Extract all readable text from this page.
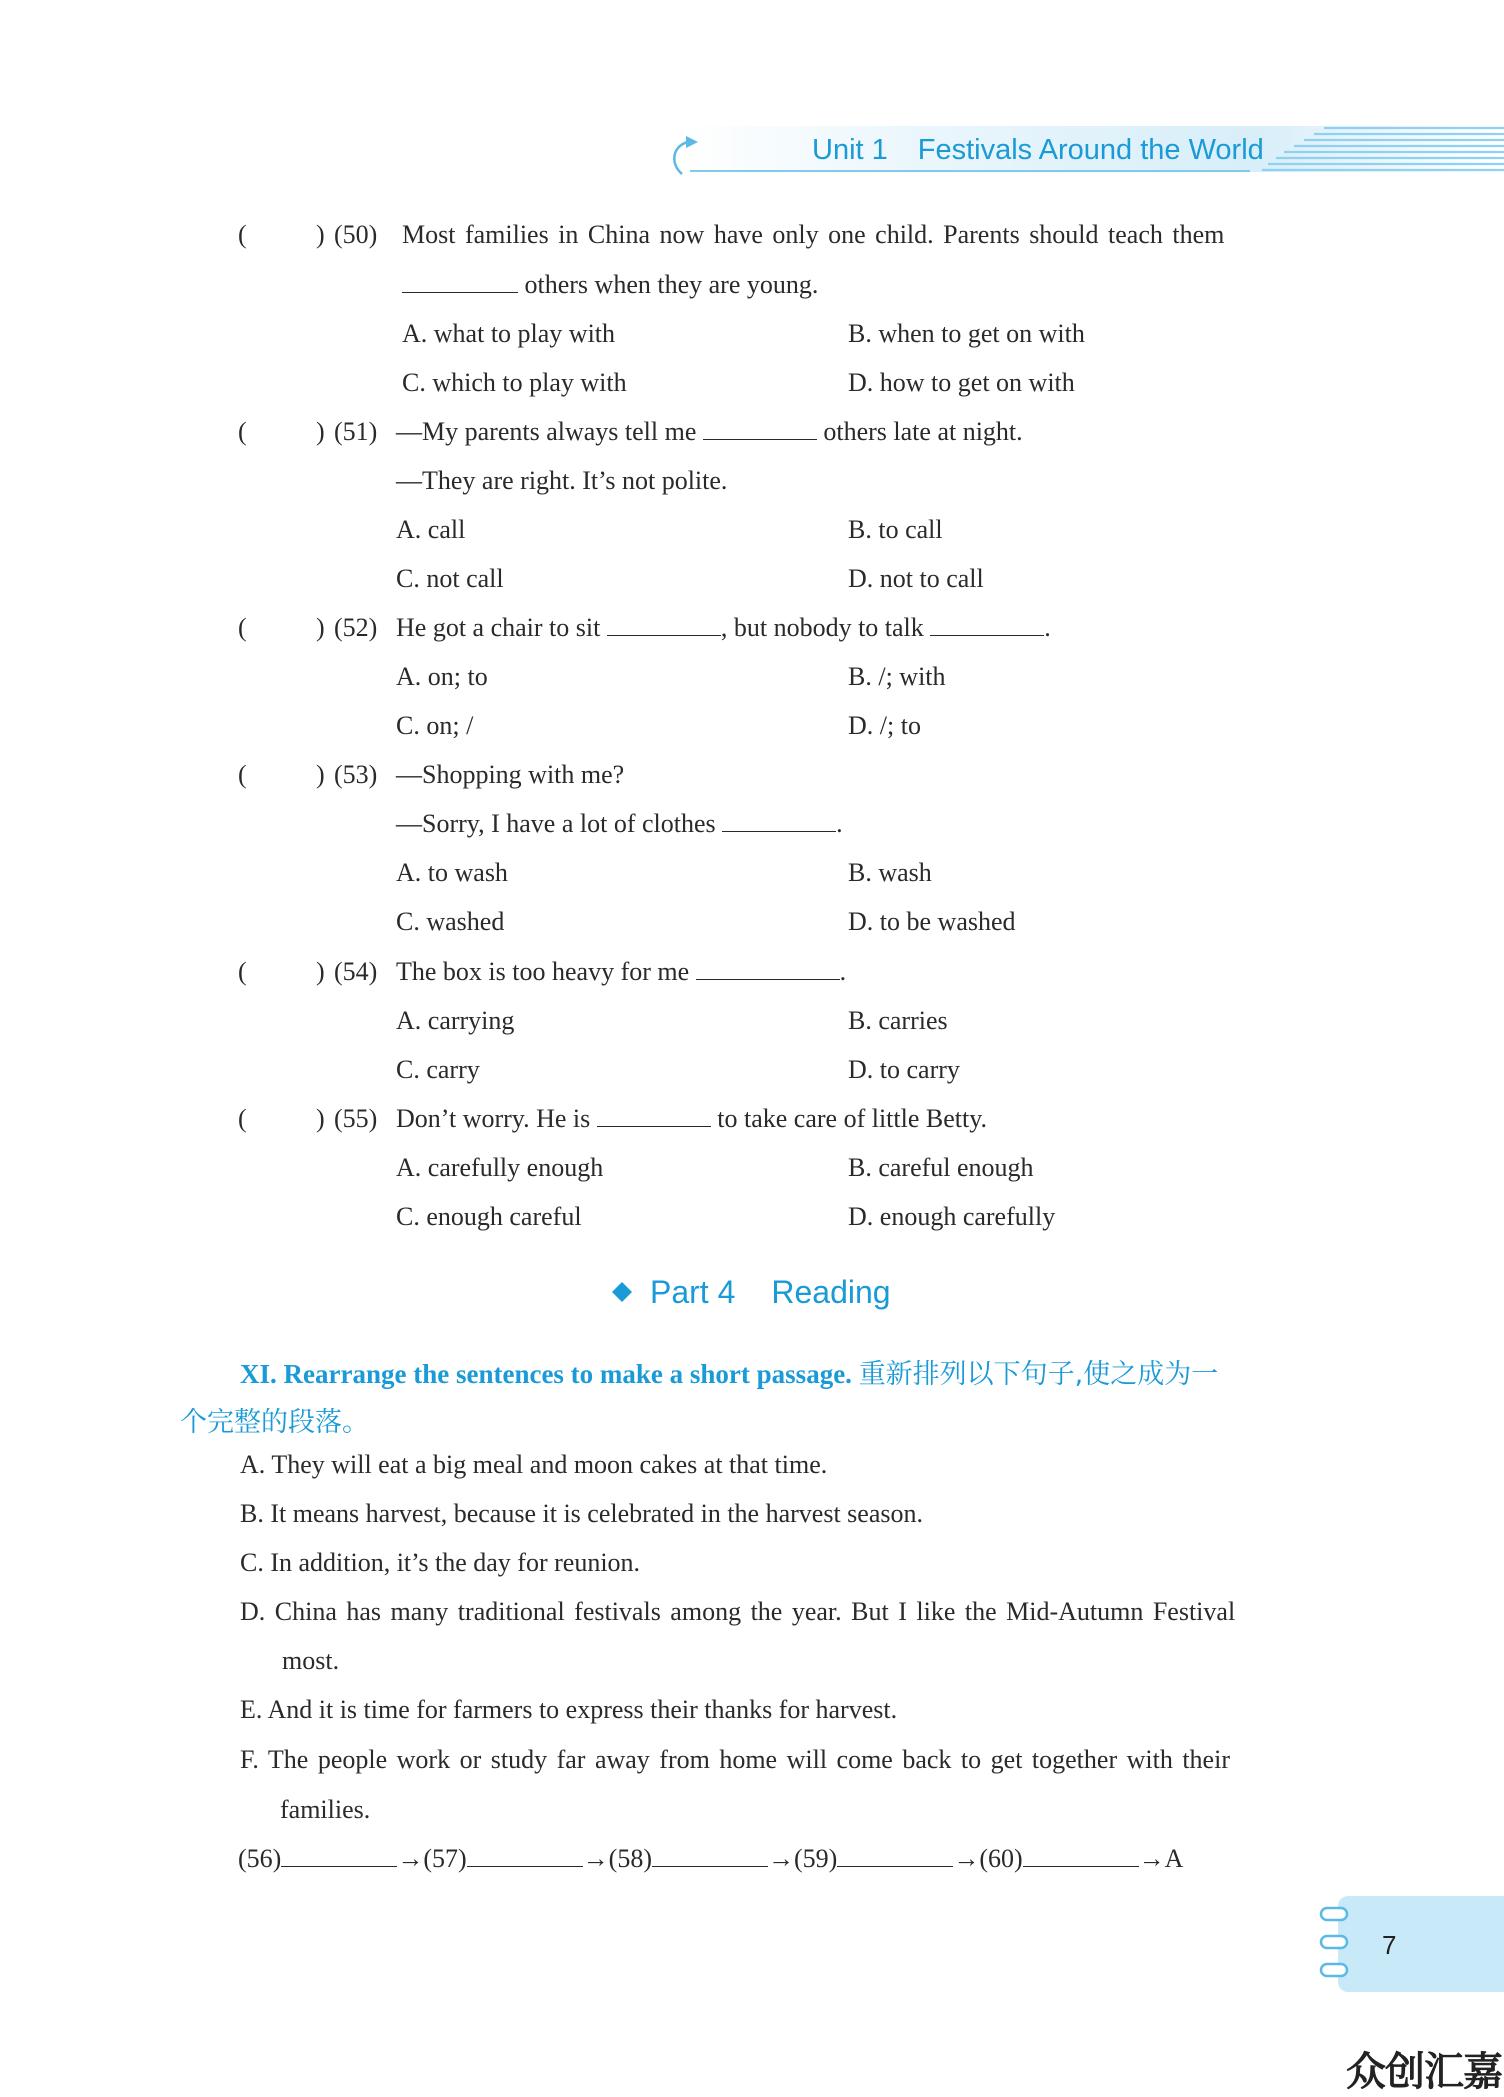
Unit 1 Festivals Around the World
(	) (50) Most families in China now have only one child. Parents should teach them
others when they are young.
A. what to play with	B. when to get on with
C. which to play with	D. how to get on with
(	) (51) —My parents always tell me	others late at night.
—They are right. It’s not polite.
A. call	B. to call
C. not call	D. not to call
(	) (52) He got a chair to sit	, but nobody to talk	.
A. on; to	B. /; with
C. on; /	D. /; to
(	) (53) —Shopping with me?
—Sorry, I have a lot of clothes	.
A. to wash	B. wash
C. washed	D. to be washed
(	) (54) The box is too heavy for me	.
A. carrying	B. carries
C. carry	D. to carry
(	) (55) Don’t worry. He is	to take care of little Betty.
A. carefully enough	B. careful enough
C. enough careful	D. enough carefully
Part 4 Reading
XI. Rearrange the sentences to make a short passage. 重新排列以下句子,使之成为一
个完整的段落。
A. They will eat a big meal and moon cakes at that time.
B. It means harvest, because it is celebrated in the harvest season.
C. In addition, it’s the day for reunion.
D. China has many traditional festivals among the year. But I like the Mid-Autumn Festival
most.
E. And it is time for farmers to express their thanks for harvest.
F. The people work or study far away from home will come back to get together with their
families.
(56)	→(57)	→(58)	→(59)	→(60)	→A
7
众创汇嘉
